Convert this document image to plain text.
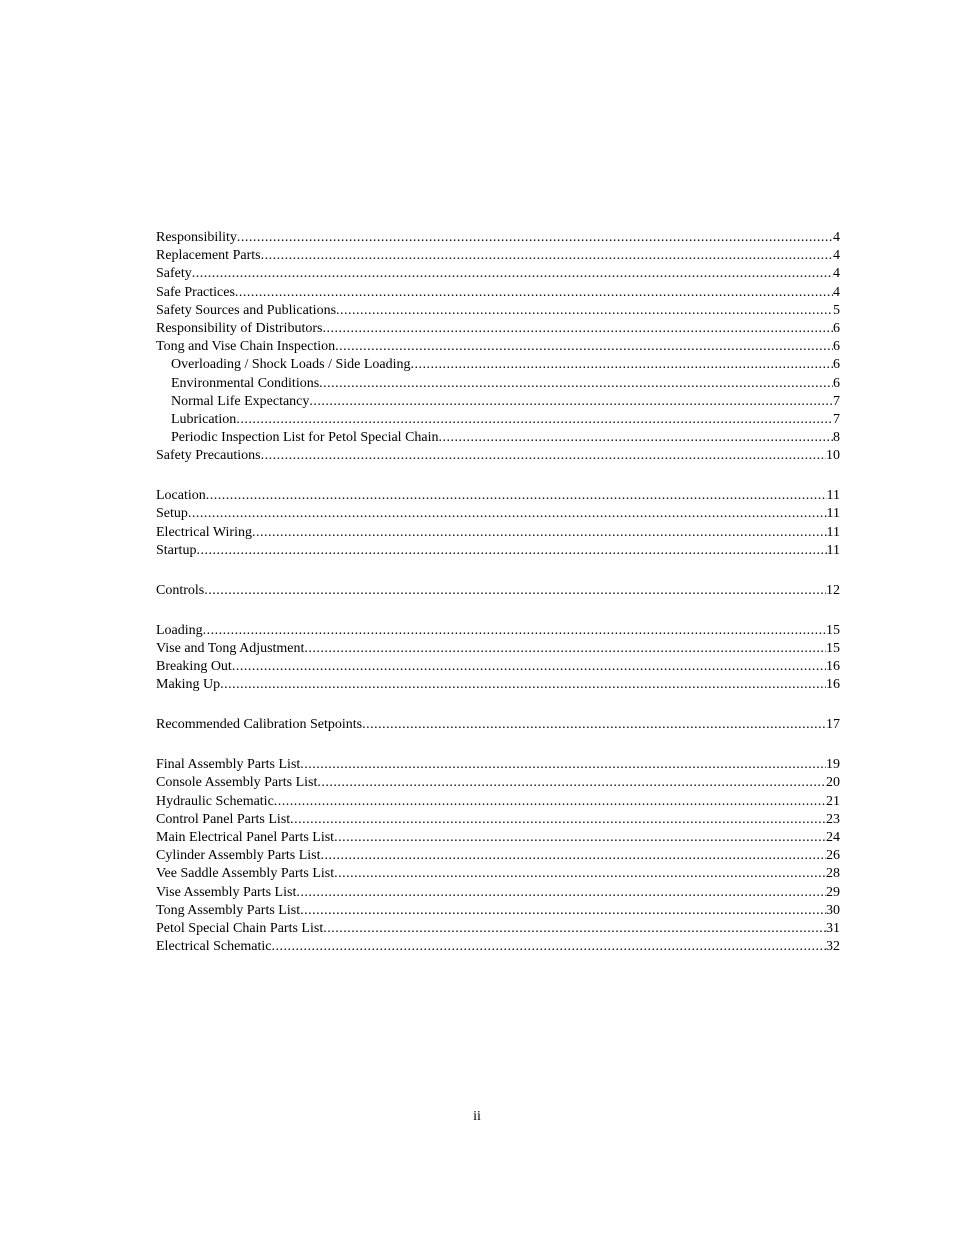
Responsibility .....	4
Replacement Parts .....	4
Safety .....	4
Safe Practices .....	4
Safety Sources and Publications .....	5
Responsibility of Distributors .....	6
Tong and Vise Chain Inspection .....	6
Overloading / Shock Loads / Side Loading .....	6
Environmental Conditions .....	6
Normal Life Expectancy .....	7
Lubrication .....	7
Periodic Inspection List for Petol Special Chain .....	8
Safety Precautions .....	10
Location .....	11
Setup .....	11
Electrical Wiring .....	11
Startup .....	11
Controls .....	12
Loading .....	15
Vise and Tong Adjustment .....	15
Breaking Out .....	16
Making Up .....	16
Recommended Calibration Setpoints .....	17
Final Assembly Parts List .....	19
Console Assembly Parts List .....	20
Hydraulic Schematic .....	21
Control Panel Parts List .....	23
Main Electrical Panel Parts List .....	24
Cylinder Assembly Parts List .....	26
Vee Saddle Assembly Parts List .....	28
Vise Assembly Parts List .....	29
Tong Assembly Parts List .....	30
Petol Special Chain Parts List .....	31
Electrical Schematic .....	32
ii
